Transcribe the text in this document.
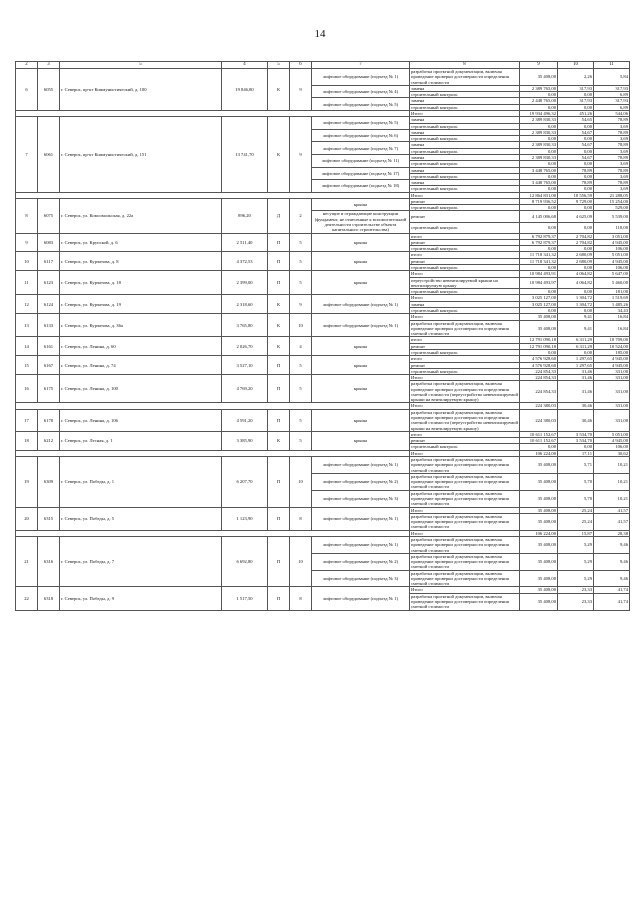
14
2	3	5	4	5	6	7	8	9	10	11
6	6055	г. Северск, пр-кт Коммунистический, д. 100	19 846,80	К	9	лифтовое оборудование (подъезд № 1)	разработка проектной документации, включая проведение проверки достоверности определения сметной стоимости	35 408,00	2,26	5,84
						лифтовое оборудование (подъезд № 4)	замена	2 389 765,00	317,93	317,93
							строительный контроль	0,00	0,00	6,89
						лифтовое оборудование (подъезд № 5)	замена	2 448 765,00	317,93	317,93
							строительный контроль	0,00	0,00	6,89
							Итого	19 934 496,32	451,26	544,06
7	6061	г. Северск, пр-кт Коммунистический, д. 151	13 741,70	К	9	лифтовое оборудование (подъезд № 5)	замена	2 389 830,33	54,65	78,89
							строительный контроль	0,00	0,00	3,69
						лифтовое оборудование (подъезд № 6)	замена	2 389 830,33	54,67	78,89
							строительный контроль	0,00	0,00	3,69
						лифтовое оборудование (подъезд № 7)	замена	2 389 830,33	54,67	78,89
							строительный контроль	0,00	0,00	3,69
						лифтовое оборудование (подъезд № 11)	замена	2 389 830,33	54,67	78,89
							строительный контроль	0,00	0,00	3,69
						лифтовое оборудование (подъезд № 17)	замена	3 448 765,00	78,89	78,89
							строительный контроль	0,00	0,00	3,69
						лифтовое оборудование (подъезд № 18)	замена	3 448 765,00	78,89	78,89
							строительный контроль	0,00	0,00	3,69
							Итого	12 864 831,00	10 556,59	21 288,05
8	6075	г. Северск, ул. Комсомольская, д. 22а	896,20	Д	2	крыша	ремонт	8 719 936,52	9 729,00	15 254,00
							строительный контроль	0,00	0,00	529,00
						несущие и ограждающие конструкции (фундамент, не отнесенные к вспомогательной деятельности строительстве объекта капитального строительства)	ремонт	4 145 006,68	4 625,09	5 539,00
							строительный контроль	0,00	0,00	118,00
9	6083	г. Северск, ул. Крупской, д. 6	2 511,40	П	5	крыша	итого	6 792 879,37	2 704,82	3 051,00
							ремонт	6 792 879,37	2 704,82	4 945,00
							строительный контроль	0,00	0,00	106,00
10	6117	г. Северск, ул. Курчатова, д. 8	4 372,53	П	5	крыша	итого	11 718 341,32	2 680,09	5 051,00
							ремонт	11 718 341,32	2 680,09	4 945,00
							строительный контроль	0,00	0,00	106,00
11	6123	г. Северск, ул. Курчатова, д. 18	2 399,00	П	5	крыша	Итого	10 984 493,91	4 064,82	5 647,00
							переустройство невентилируемой крыши на вентилируемую крышу	10 984 493,97	4 064,82	5 460,00
							строительный контроль	0,00	0,00	181,00
12	6124	г. Северск, ул. Курчатова, д. 19	2 318,60	К	9	лифтовое оборудование (подъезд № 1)	Итого	3 025 127,00	1 304,72	1 519,69
							замена	3 025 127,00	1 304,72	1 485,26
							строительный контроль	0,00	0,00	34,43
13	6133	г. Северск, ул. Курчатова, д. 36а	3 765,80	К	10	лифтовое оборудование (подъезд № 1)	Итого	35 408,00	9,41	16,84
							разработка проектной документации, включая проведение проверки достоверности определения сметной стоимости	35 408,00	9,41	16,84
14	6161	г. Северск, ул. Ленина, д. 60	2 026,70	К	4	крыша	итого	12 791 090,18	6 311,29	10 709,00
							ремонт	12 791 090,18	6 311,29	10 524,00
							строительный контроль	0,00	0,00	185,00
15	6167	г. Северск, ул. Ленина, д. 74	3 527,10	П	5	крыша	итого	4 576 928,60	1 297,65	4 945,00
							ремонт	4 576 928,60	1 297,65	4 945,00
							строительный контроль	224 854,33	31,46	331,00
16	6175	г. Северск, ул. Ленина, д. 100	4 769,20	П	5	крыша	Итого	224 854,33	31,46	331,00
							разработка проектной документации, включая проведение проверки достоверности определения сметной стоимости (переустройство невентилируемой крыши на вентилируемую крышу)	224 854,33	31,46	331,00
							Итого	224 380,03	30,46	331,00
17	6178	г. Северск, ул. Ленина, д. 106	4 591,20	П	5	крыша	разработка проектной документации, включая проведение проверки достоверности определения сметной стоимости (переустройство невентилируемой крыши на вентилируемую крышу)	224 380,03	30,46	331,00
18	6212	г. Северск, ул. Лесная, д. 1	3 385,90	К	5	крыша	итого	10 611 152,67	3 534,70	5 051,00
							ремонт	10 611 152,67	3 534,70	4 945,00
							строительный контроль	0,00	0,00	106,00
							Итого	106 224,00	17,11	30,62
19	6309	г. Северск, ул. Победы, д. 1	6 207,70	П	10	лифтовое оборудование (подъезд № 1)	разработка проектной документации, включая проведение проверки достоверности определения сметной стоимости	35 408,00	5,71	10,21
						лифтовое оборудование (подъезд № 2)	разработка проектной документации, включая проведение проверки достоверности определения сметной стоимости	35 408,00	5,70	10,21
						лифтовое оборудование (подъезд № 3)	разработка проектной документации, включая проведение проверки достоверности определения сметной стоимости	35 408,00	5,70	10,21
20	6315	г. Северск, ул. Победы, д. 5	1 123,90	П	8	лифтовое оборудование (подъезд № 1)	Итого	35 408,00	25,24	41,57
							разработка проектной документации, включая проведение проверки достоверности определения сметной стоимости	35 408,00	25,24	41,57
							Итого	106 224,00	15,87	28,38
21	6316	г. Северск, ул. Победы, д. 7	6 692,80	П	10	лифтовое оборудование (подъезд № 1)	разработка проектной документации, включая проведение проверки достоверности определения сметной стоимости	35 408,00	5,29	9,46
						лифтовое оборудование (подъезд № 2)	разработка проектной документации, включая проведение проверки достоверности определения сметной стоимости	35 408,00	5,29	9,46
						лифтовое оборудование (подъезд № 3)	разработка проектной документации, включая проведение проверки достоверности определения сметной стоимости	35 408,00	5,29	9,46
22	6318	г. Северск, ул. Победы, д. 9	1 517,50	П	8	лифтовое оборудование (подъезд № 1)	Итого	35 408,00	23,33	41,74
							разработка проектной документации, включая проведение проверки достоверности определения сметной стоимости	35 408,00	23,33	41,74
